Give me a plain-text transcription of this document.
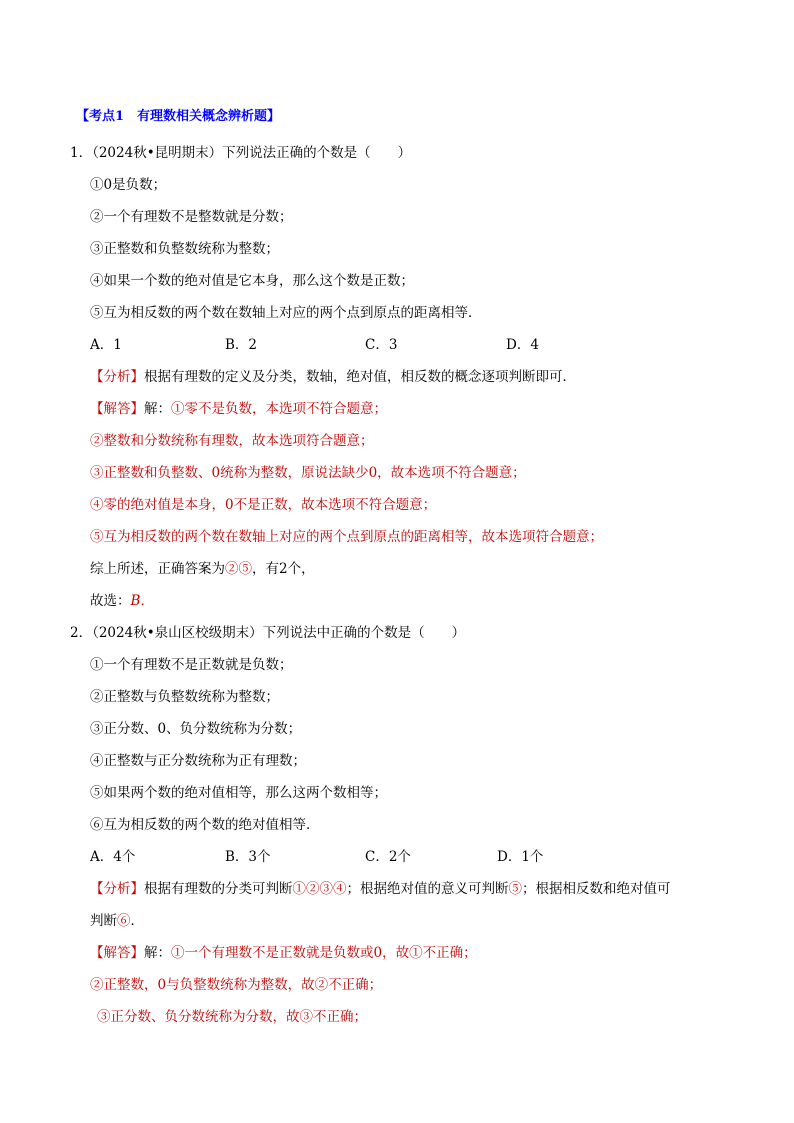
【考点1　有理数相关概念辨析题】
1．（2024秋•昆明期末）下列说法正确的个数是（　　）
①0是负数；
②一个有理数不是整数就是分数；
③正整数和负整数统称为整数；
④如果一个数的绝对值是它本身，那么这个数是正数；
⑤互为相反数的两个数在数轴上对应的两个点到原点的距离相等．
A．1	B．2	C．3	D．4
【分析】根据有理数的定义及分类，数轴，绝对值，相反数的概念逐项判断即可．
【解答】解：①零不是负数，本选项不符合题意；
②整数和分数统称有理数，故本选项符合题意；
③正整数和负整数、0统称为整数，原说法缺少0，故本选项不符合题意；
④零的绝对值是本身，0不是正数，故本选项不符合题意；
⑤互为相反数的两个数在数轴上对应的两个点到原点的距离相等，故本选项符合题意；
综上所述，正确答案为②⑤，有2个，
故选：B．
2．（2024秋•泉山区校级期末）下列说法中正确的个数是（　　）
①一个有理数不是正数就是负数；
②正整数与负整数统称为整数；
③正分数、0、负分数统称为分数；
④正整数与正分数统称为正有理数；
⑤如果两个数的绝对值相等，那么这两个数相等；
⑥互为相反数的两个数的绝对值相等．
A．4个	B．3个	C．2个	D．1个
【分析】根据有理数的分类可判断①②③④；根据绝对值的意义可判断⑤；根据相反数和绝对值可
判断⑥．
【解答】解：①一个有理数不是正数就是负数或0，故①不正确；
②正整数，0与负整数统称为整数，故②不正确；
③正分数、负分数统称为分数，故③不正确；
